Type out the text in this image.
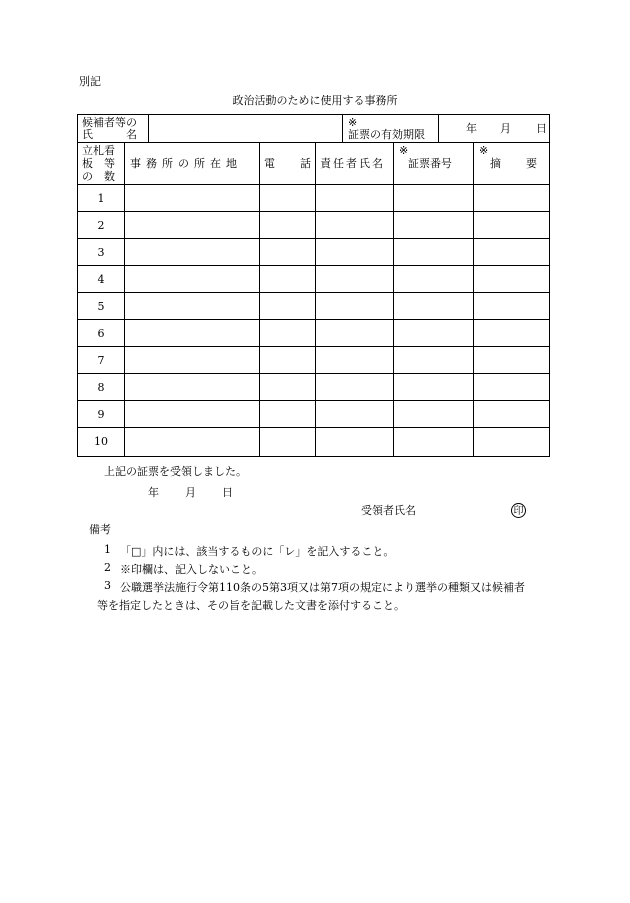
別記
政治活動のために使用する事務所
候補者等の
氏　　　名
※
証票の有効期限	年 月 日
立札看
板　等
の　数
事務所の所在地 電 話 責任者氏名
※
証票番号
※
摘 要
1
2
3
4
5
6
7
8
9
10
上記の証票を受領しました。
年 月 日
受領者氏名	印
備考
1 「□」内には、該当するものに「レ」を記入すること。
2 ※印欄は、記入しないこと。
3 公職選挙法施行令第110条の5第3項又は第7項の規定により選挙の種類又は候補者
等を指定したときは、その旨を記載した文書を添付すること。
